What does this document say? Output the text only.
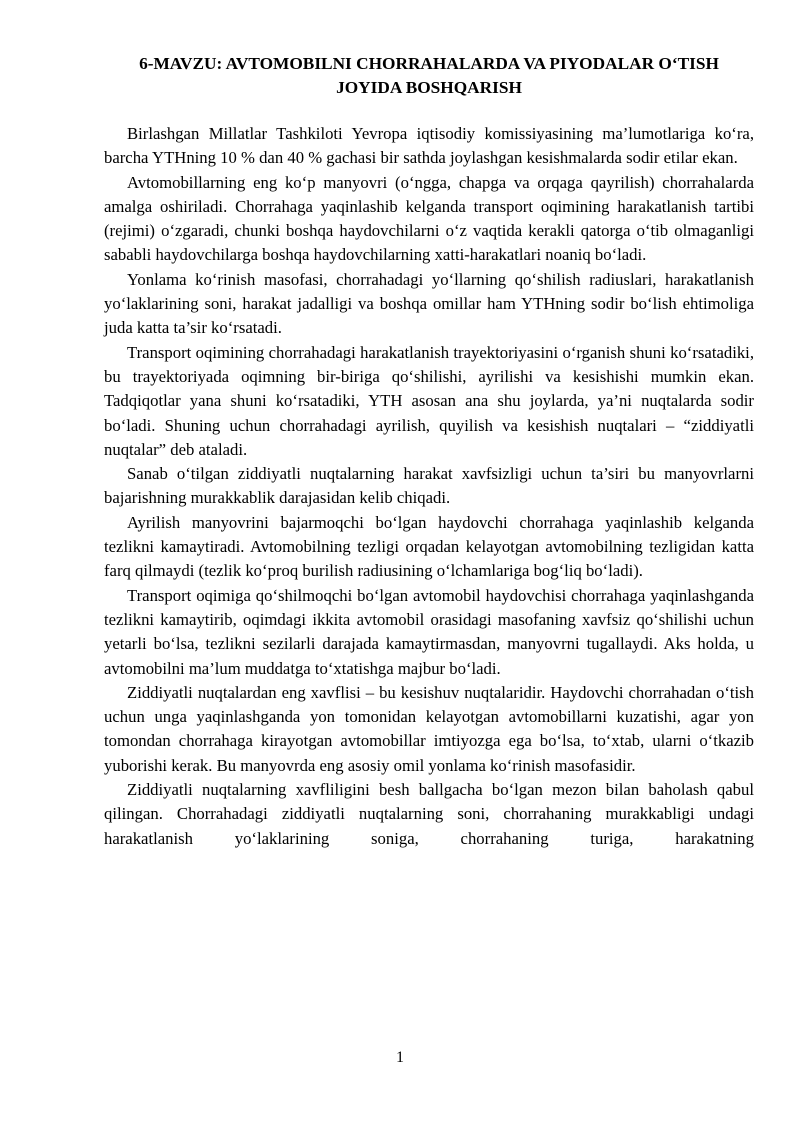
6-MAVZU: AVTOMOBILNI CHORRAHALARDA VA PIYODALAR O‘TISH
JOYIDA BOSHQARISH

Birlashgan Millatlar Tashkiloti Yevropa iqtisodiy komissiyasining ma’lumotlariga ko‘ra, barcha YTHning 10 % dan 40 % gachasi bir sathda joylashgan kesishmalarda sodir etilar ekan.

Avtomobillarning eng ko‘p manyovri (o‘ngga, chapga va orqaga qayrilish) chorrahalarda amalga oshiriladi. Chorrahaga yaqinlashib kelganda transport oqimining harakatlanish tartibi (rejimi) o‘zgaradi, chunki boshqa haydovchilarni o‘z vaqtida kerakli qatorga o‘tib olmaganligi sababli haydovchilarga boshqa haydovchilarning xatti-harakatlari noaniq bo‘ladi.

Yonlama ko‘rinish masofasi, chorrahadagi yo‘llarning qo‘shilish radiuslari, harakatlanish yo‘laklarining soni, harakat jadalligi va boshqa omillar ham YTHning sodir bo‘lish ehtimoliga juda katta ta’sir ko‘rsatadi.

Transport oqimining chorrahadagi harakatlanish trayektoriyasini o‘rganish shuni ko‘rsatadiki, bu trayektoriyada oqimning bir-biriga qo‘shilishi, ayrilishi va kesishishi mumkin ekan. Tadqiqotlar yana shuni ko‘rsatadiki, YTH asosan ana shu joylarda, ya’ni nuqtalarda sodir bo‘ladi. Shuning uchun chorrahadagi ayrilish, quyilish va kesishish nuqtalari – “ziddiyatli nuqtalar” deb ataladi.

Sanab o‘tilgan ziddiyatli nuqtalarning harakat xavfsizligi uchun ta’siri bu manyovrlarni bajarishning murakkablik darajasidan kelib chiqadi.

Ayrilish manyovrini bajarmoqchi bo‘lgan haydovchi chorrahaga yaqinlashib kelganda tezlikni kamaytiradi. Avtomobilning tezligi orqadan kelayotgan avtomobilning tezligidan katta farq qilmaydi (tezlik ko‘proq burilish radiusining o‘lchamlariga bog‘liq bo‘ladi).

Transport oqimiga qo‘shilmoqchi bo‘lgan avtomobil haydovchisi chorrahaga yaqinlashganda tezlikni kamaytirib, oqimdagi ikkita avtomobil orasidagi masofaning xavfsiz qo‘shilishi uchun yetarli bo‘lsa, tezlikni sezilarli darajada kamaytirmasdan, manyovrni tugallaydi. Aks holda, u avtomobilni ma’lum muddatga to‘xtatishga majbur bo‘ladi.

Ziddiyatli nuqtalardan eng xavflisi – bu kesishuv nuqtalaridir. Haydovchi chorrahadan o‘tish uchun unga yaqinlashganda yon tomonidan kelayotgan avtomobillarni kuzatishi, agar yon tomondan chorrahaga kirayotgan avtomobillar imtiyozga ega bo‘lsa, to‘xtab, ularni o‘tkazib yuborishi kerak. Bu manyovrda eng asosiy omil yonlama ko‘rinish masofasidir.

Ziddiyatli nuqtalarning xavfliligini besh ballgacha bo‘lgan mezon bilan baholash qabul qilingan. Chorrahadagi ziddiyatli nuqtalarning soni, chorrahaning murakkabligi undagi harakatlanish yo‘laklarining soniga, chorrahaning turiga, harakatning

1
